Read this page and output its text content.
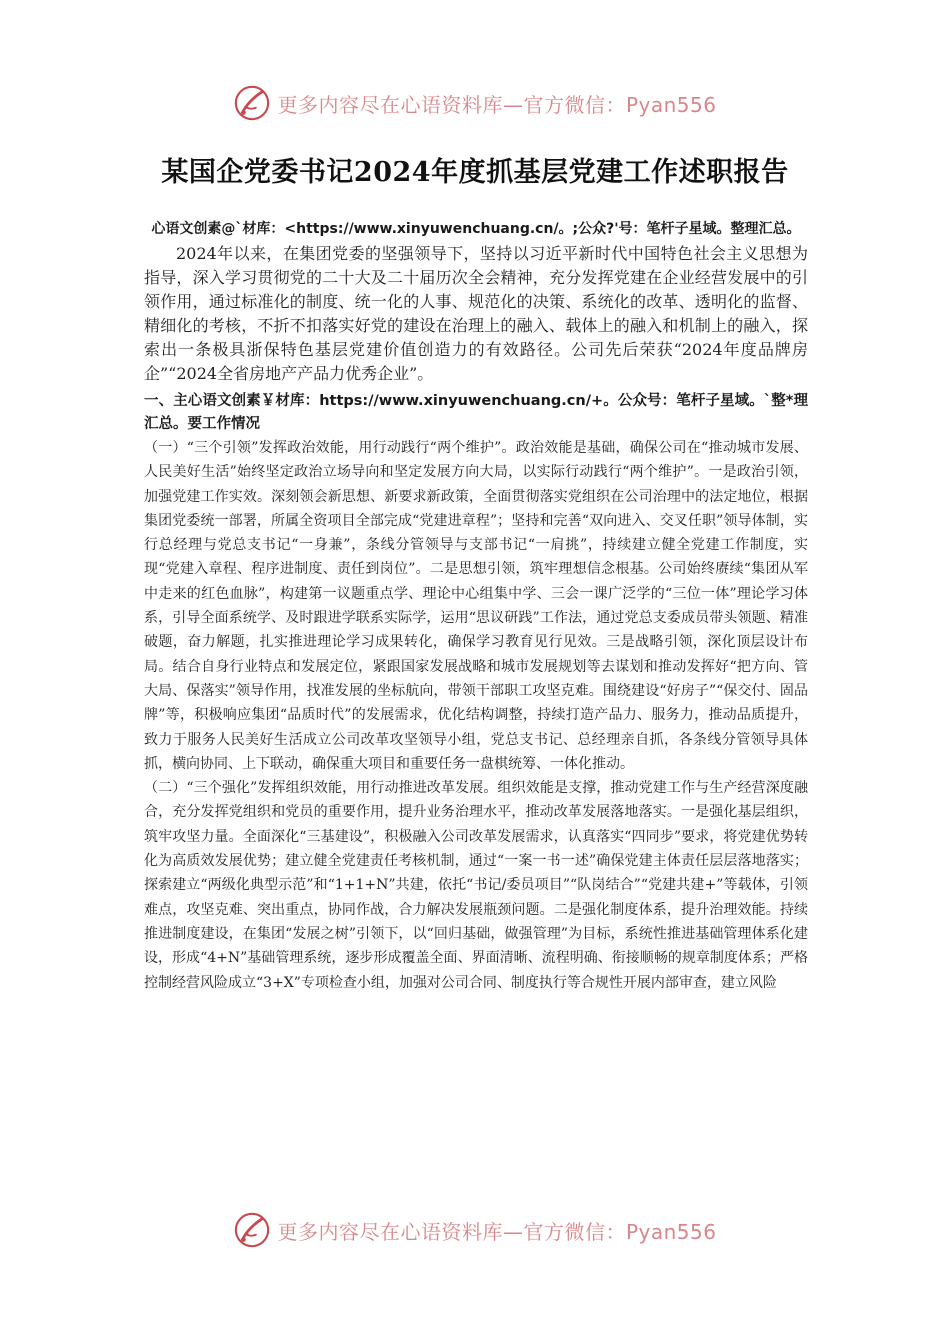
更多内容尽在心语资料库—官方微信：Pyan556
某国企党委书记2024年度抓基层党建工作述职报告
心语文创素@`材库：<https://www.xinyuwenchuang.cn/。;公众?'号：笔杆子星域。整理汇总。

2024年以来，在集团党委的坚强领导下，坚持以习近平新时代中国特色社会主义思想为指导，深入学习贯彻党的二十大及二十届历次全会精神，充分发挥党建在企业经营发展中的引领作用，通过标准化的制度、统一化的人事、规范化的决策、系统化的改革、透明化的监督、精细化的考核，不折不扣落实好党的建设在治理上的融入、载体上的融入和机制上的融入，探索出一条极具浙保特色基层党建价值创造力的有效路径。公司先后荣获“2024年度品牌房企”“2024全省房地产产品力优秀企业”。

一、主心语文创素￥材库：https://www.xinyuwenchuang.cn/+。公众号：笔杆子星域。`整*理汇总。要工作情况

（一）“三个引领”发挥政治效能，用行动践行“两个维护”。政治效能是基础，确保公司在“推动城市发展、人民美好生活”始终坚定政治立场导向和坚定发展方向大局，以实际行动践行“两个维护”。一是政治引领，加强党建工作实效。深刻领会新思想、新要求新政策，全面贯彻落实党组织在公司治理中的法定地位，根据集团党委统一部署，所属全资项目全部完成“党建进章程”；坚持和完善“双向进入、交叉任职”领导体制，实行总经理与党总支书记“一身兼”，条线分管领导与支部书记“一肩挑”，持续建立健全党建工作制度，实现“党建入章程、程序进制度、责任到岗位”。二是思想引领，筑牢理想信念根基。公司始终赓续“集团从军中走来的红色血脉”，构建第一议题重点学、理论中心组集中学、三会一课广泛学的“三位一体”理论学习体系，引导全面系统学、及时跟进学联系实际学，运用“思议研践”工作法，通过党总支委成员带头领题、精准破题，奋力解题，扎实推进理论学习成果转化，确保学习教育见行见效。三是战略引领，深化顶层设计布局。结合自身行业特点和发展定位，紧跟国家发展战略和城市发展规划等去谋划和推动发挥好“把方向、管大局、保落实”领导作用，找准发展的坐标航向，带领干部职工攻坚克难。围绕建设“好房子”“保交付、固品牌”等，积极响应集团“品质时代”的发展需求，优化结构调整，持续打造产品力、服务力，推动品质提升，致力于服务人民美好生活成立公司改革攻坚领导小组，党总支书记、总经理亲自抓，各条线分管领导具体抓，横向协同、上下联动，确保重大项目和重要任务一盘棋统筹、一体化推动。

（二）“三个强化”发挥组织效能，用行动推进改革发展。组织效能是支撑，推动党建工作与生产经营深度融合，充分发挥党组织和党员的重要作用，提升业务治理水平，推动改革发展落地落实。一是强化基层组织，筑牢攻坚力量。全面深化“三基建设”，积极融入公司改革发展需求，认真落实“四同步”要求，将党建优势转化为高质效发展优势；建立健全党建责任考核机制，通过“一案一书一述”确保党建主体责任层层落地落实；探索建立“两级化典型示范”和“1+1+N”共建，依托“书记/委员项目”“队岗结合”“党建共建+”等载体，引领难点，攻坚克难、突出重点，协同作战，合力解决发展瓶颈问题。二是强化制度体系，提升治理效能。持续推进制度建设，在集团“发展之树”引领下，以“回归基础，做强管理”为目标，系统性推进基础管理体系化建设，形成“4+N”基础管理系统，逐步形成覆盖全面、界面清晰、流程明确、衔接顺畅的规章制度体系；严格控制经营风险成立“3+X”专项检查小组，加强对公司合同、制度执行等合规性开展内部审查，建立风险

更多内容尽在心语资料库—官方微信：Pyan556
